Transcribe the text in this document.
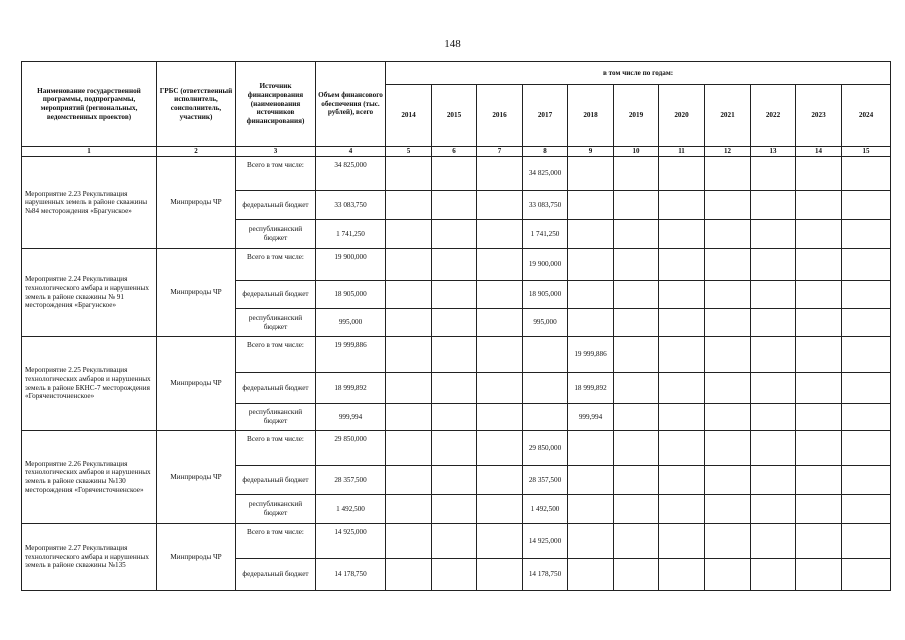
148
Наименование государственной программы, подпрограммы, мероприятий (региональных, ведомственных проектов)	ГРБС (ответственный исполнитель, соисполнитель, участник)	Источник финансирования (наименования источников финансирования)	Объем финансового обеспечения (тыс. рублей), всего	в том числе по годам:										
				2014	2015	2016	2017	2018	2019	2020	2021	2022	2023	2024
1	2	3	4	5	6	7	8	9	10	11	12	13	14	15
Мероприятие 2.23 Рекультивация нарушенных земель в районе скважины №84 месторождения «Брагунское»	Минприроды ЧР	Всего в том числе:	34 825,000				34 825,000							
		федеральный бюджет	33 083,750				33 083,750							
		республиканский бюджет	1 741,250				1 741,250							
Мероприятие 2.24 Рекультивация технологического амбара и нарушенных земель в районе скважины № 91 месторождения «Брагунское»	Минприроды ЧР	Всего в том числе:	19 900,000				19 900,000							
		федеральный бюджет	18 905,000				18 905,000							
		республиканский бюджет	995,000				995,000							
Мероприятие 2.25 Рекультивация технологических амбаров и нарушенных земель в районе БКНС-7 месторождения «Горячеисточненское»	Минприроды ЧР	Всего в том числе:	19 999,886					19 999,886						
		федеральный бюджет	18 999,892					18 999,892						
		республиканский бюджет	999,994					999,994						
Мероприятие 2.26 Рекультивация технологических амбаров и нарушенных земель в районе скважины №130 месторождения «Горячеисточненское»	Минприроды ЧР	Всего в том числе:	29 850,000				29 850,000							
		федеральный бюджет	28 357,500				28 357,500							
		республиканский бюджет	1 492,500				1 492,500							
Мероприятие 2.27 Рекультивация технологического амбара и нарушенных земель в районе скважины №135	Минприроды ЧР	Всего в том числе:	14 925,000				14 925,000							
		федеральный бюджет	14 178,750				14 178,750							
